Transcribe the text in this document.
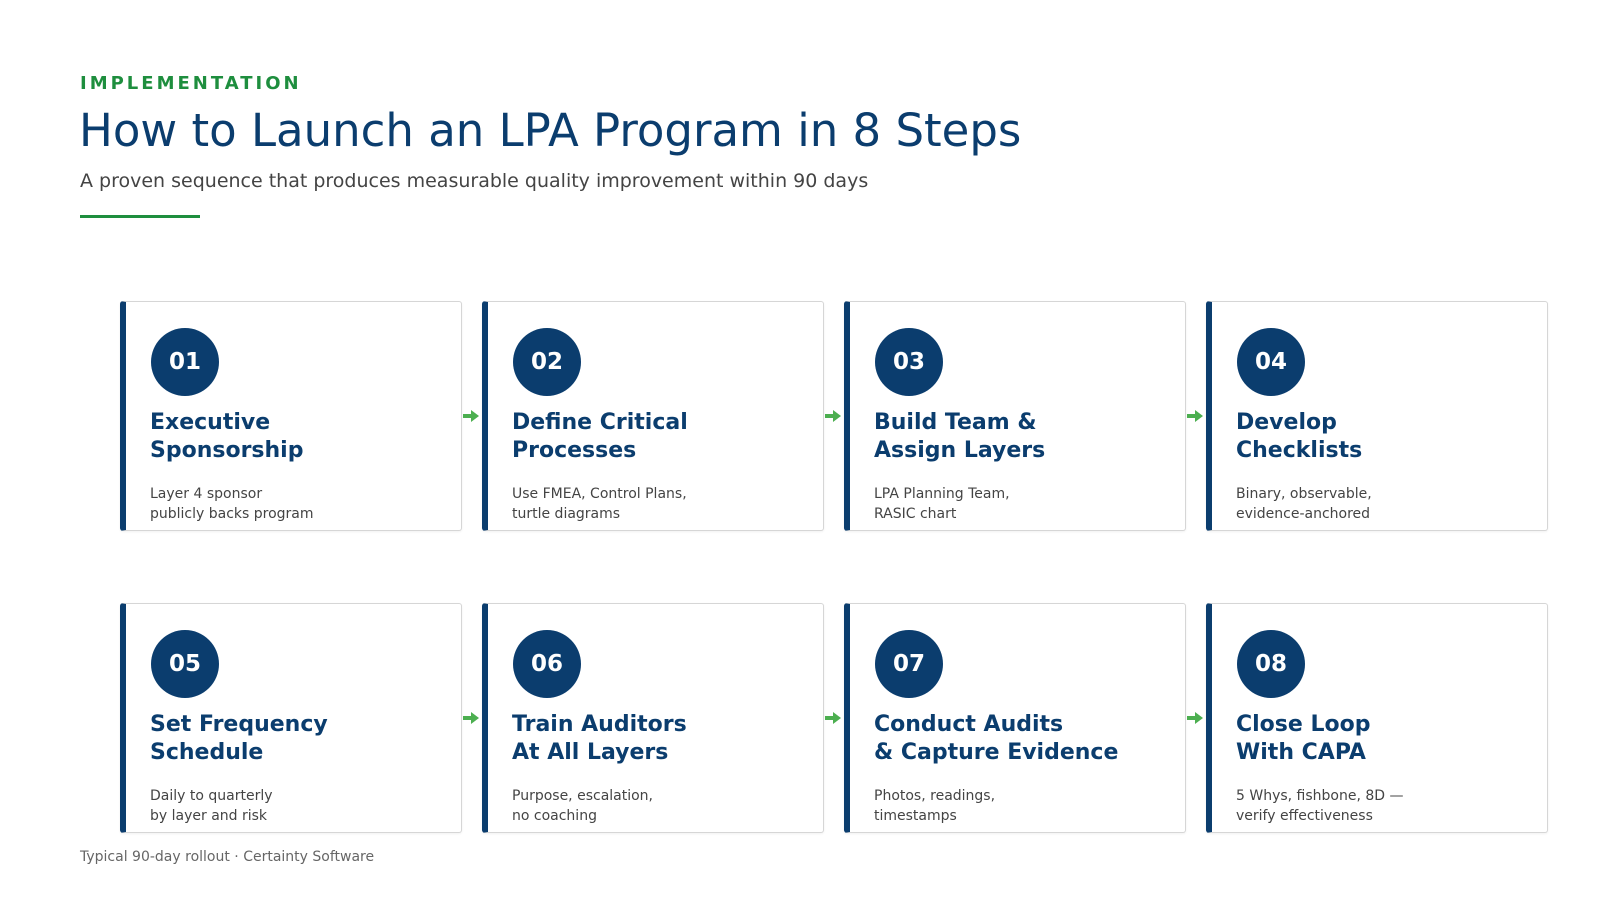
IMPLEMENTATION
How to Launch an LPA Program in 8 Steps
A proven sequence that produces measurable quality improvement within 90 days
01
Executive
Sponsorship
Layer 4 sponsor
publicly backs program
02
Define Critical
Processes
Use FMEA, Control Plans,
turtle diagrams
03
Build Team &
Assign Layers
LPA Planning Team,
RASIC chart
04
Develop
Checklists
Binary, observable,
evidence-anchored
05
Set Frequency
Schedule
Daily to quarterly
by layer and risk
06
Train Auditors
At All Layers
Purpose, escalation,
no coaching
07
Conduct Audits
& Capture Evidence
Photos, readings,
timestamps
08
Close Loop
With CAPA
5 Whys, fishbone, 8D —
verify effectiveness
Typical 90-day rollout · Certainty Software
